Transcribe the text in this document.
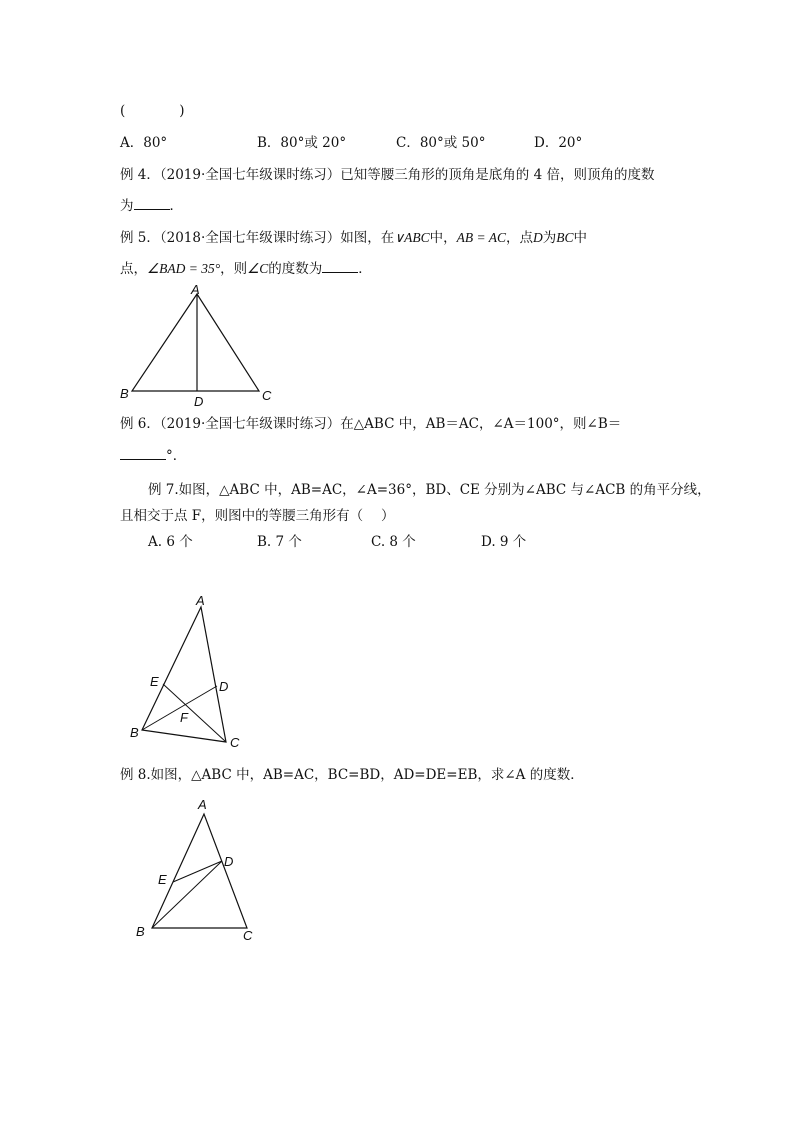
(　　　　)
A．80°	B．80°或 20°	C．80°或 50°	D．20°
例 4．（2019·全国七年级课时练习）已知等腰三角形的顶角是底角的 4 倍，则顶角的度数
为	．
例 5．（2018·全国七年级课时练习）如图，在∨ABC中，AB = AC，点D为BC中
点，∠BAD = 35°，则∠C的度数为	．
A
B	C
D
例 6．（2019·全国七年级课时练习）在△ABC 中，AB＝AC，∠A＝100°，则∠B＝
°．
例 7.如图，△ABC 中，AB=AC，∠A=36°，BD、CE 分别为∠ABC 与∠ACB 的角平分线，
且相交于点 F，则图中的等腰三角形有（　 ）
A. 6 个	B. 7 个	C. 8 个	D. 9 个
A
B
C
D
E
F
例 8.如图，△ABC 中，AB=AC，BC=BD，AD=DE=EB，求∠A 的度数．
A
B	C
D
E
